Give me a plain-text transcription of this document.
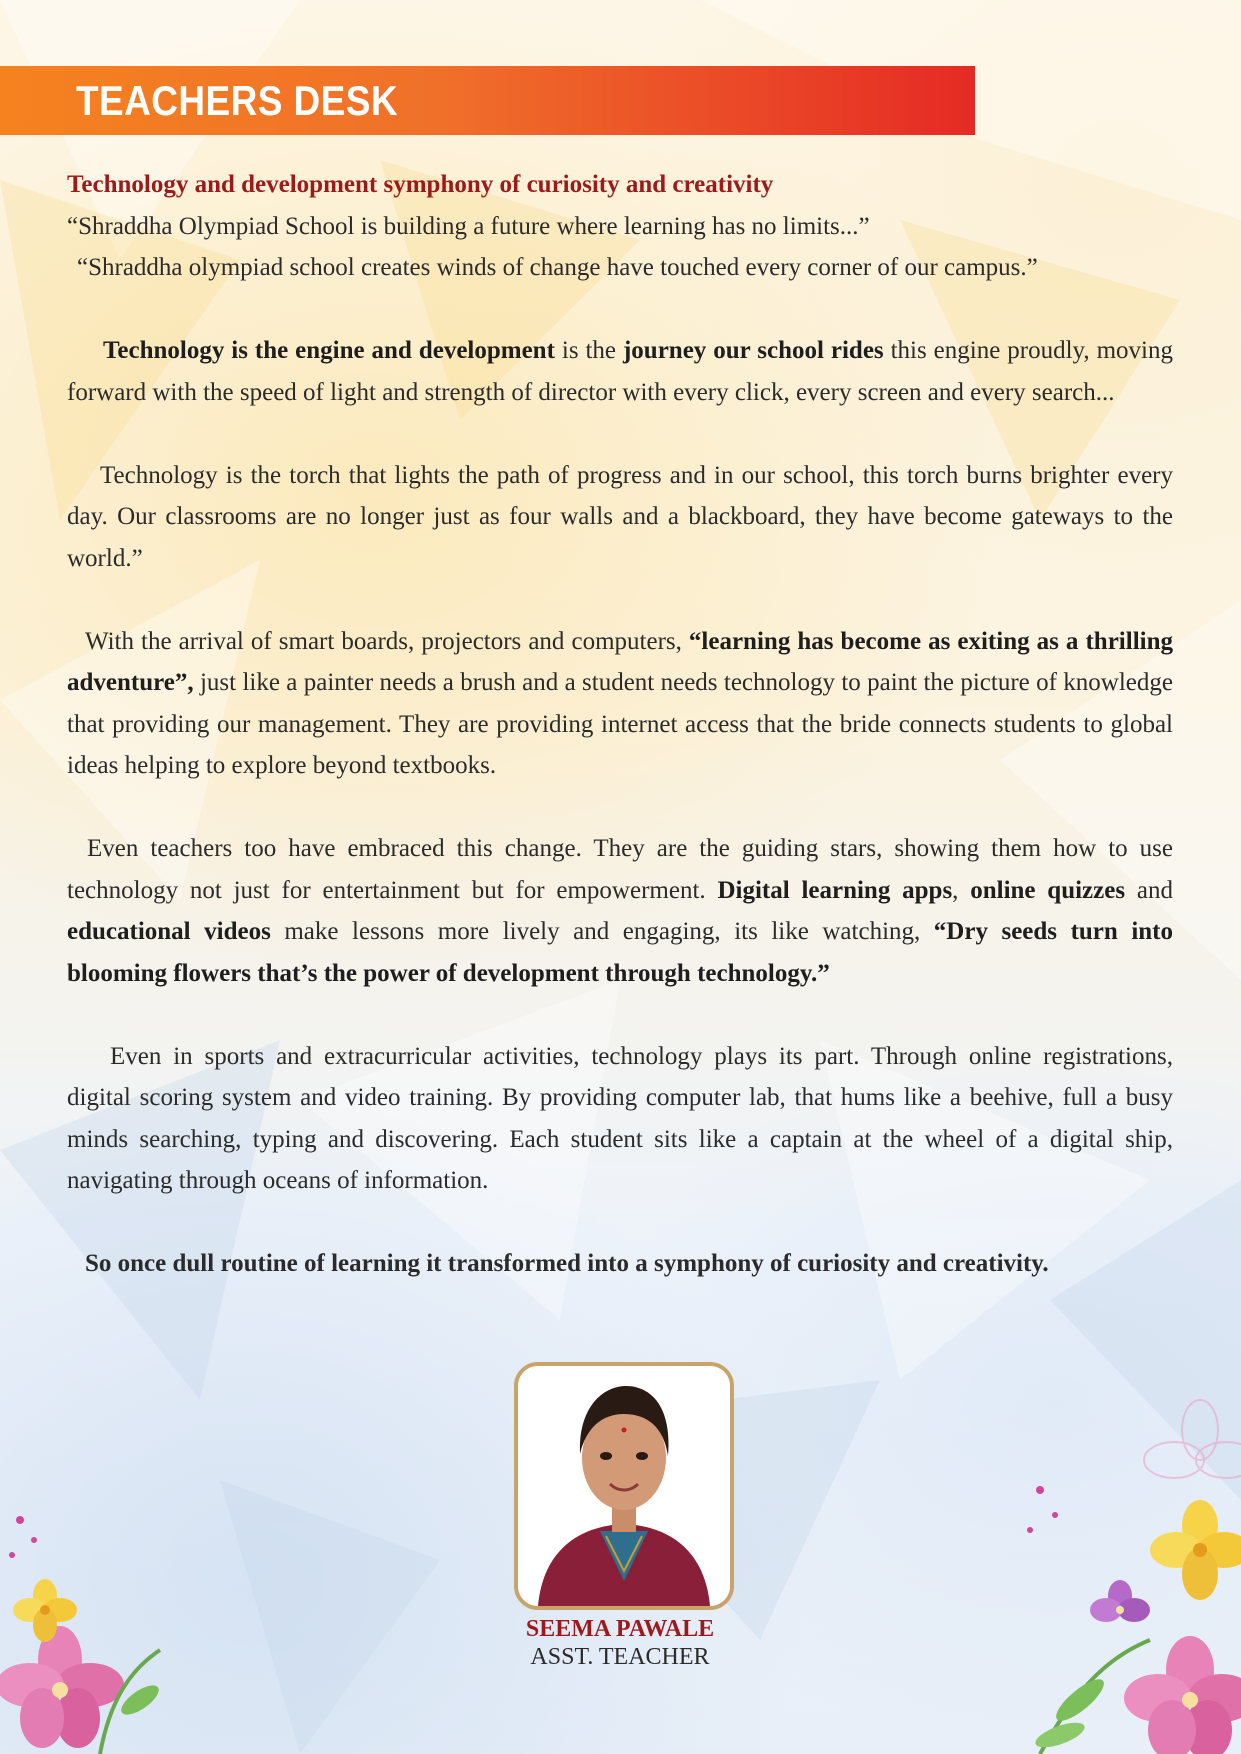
TEACHERS DESK

Technology and development symphony of curiosity and creativity

“Shraddha Olympiad School is building a future where learning has no limits...”

“Shraddha olympiad school creates winds of change have touched every corner of our campus.”

Technology is the engine and development is the journey our school rides this engine proudly, moving forward with the speed of light and strength of director with every click, every screen and every search...

Technology is the torch that lights the path of progress and in our school, this torch burns brighter every day. Our classrooms are no longer just as four walls and a blackboard, they have become gateways to the world.”

With the arrival of smart boards, projectors and computers, “learning has become as exiting as a thrilling adventure”, just like a painter needs a brush and a student needs technology to paint the picture of knowledge that providing our management. They are providing internet access that the bride connects students to global ideas helping to explore beyond textbooks.

Even teachers too have embraced this change. They are the guiding stars, showing them how to use technology not just for entertainment but for empowerment. Digital learning apps, online quizzes and educational videos make lessons more lively and engaging, its like watching, “Dry seeds turn into blooming flowers that’s the power of development through technology.”

Even in sports and extracurricular activities, technology plays its part. Through online registrations, digital scoring system and video training. By providing computer lab, that hums like a beehive, full a busy minds searching, typing and discovering. Each student sits like a captain at the wheel of a digital ship, navigating through oceans of information.

So once dull routine of learning it transformed into a symphony of curiosity and creativity.

SEEMA PAWALE
ASST. TEACHER
